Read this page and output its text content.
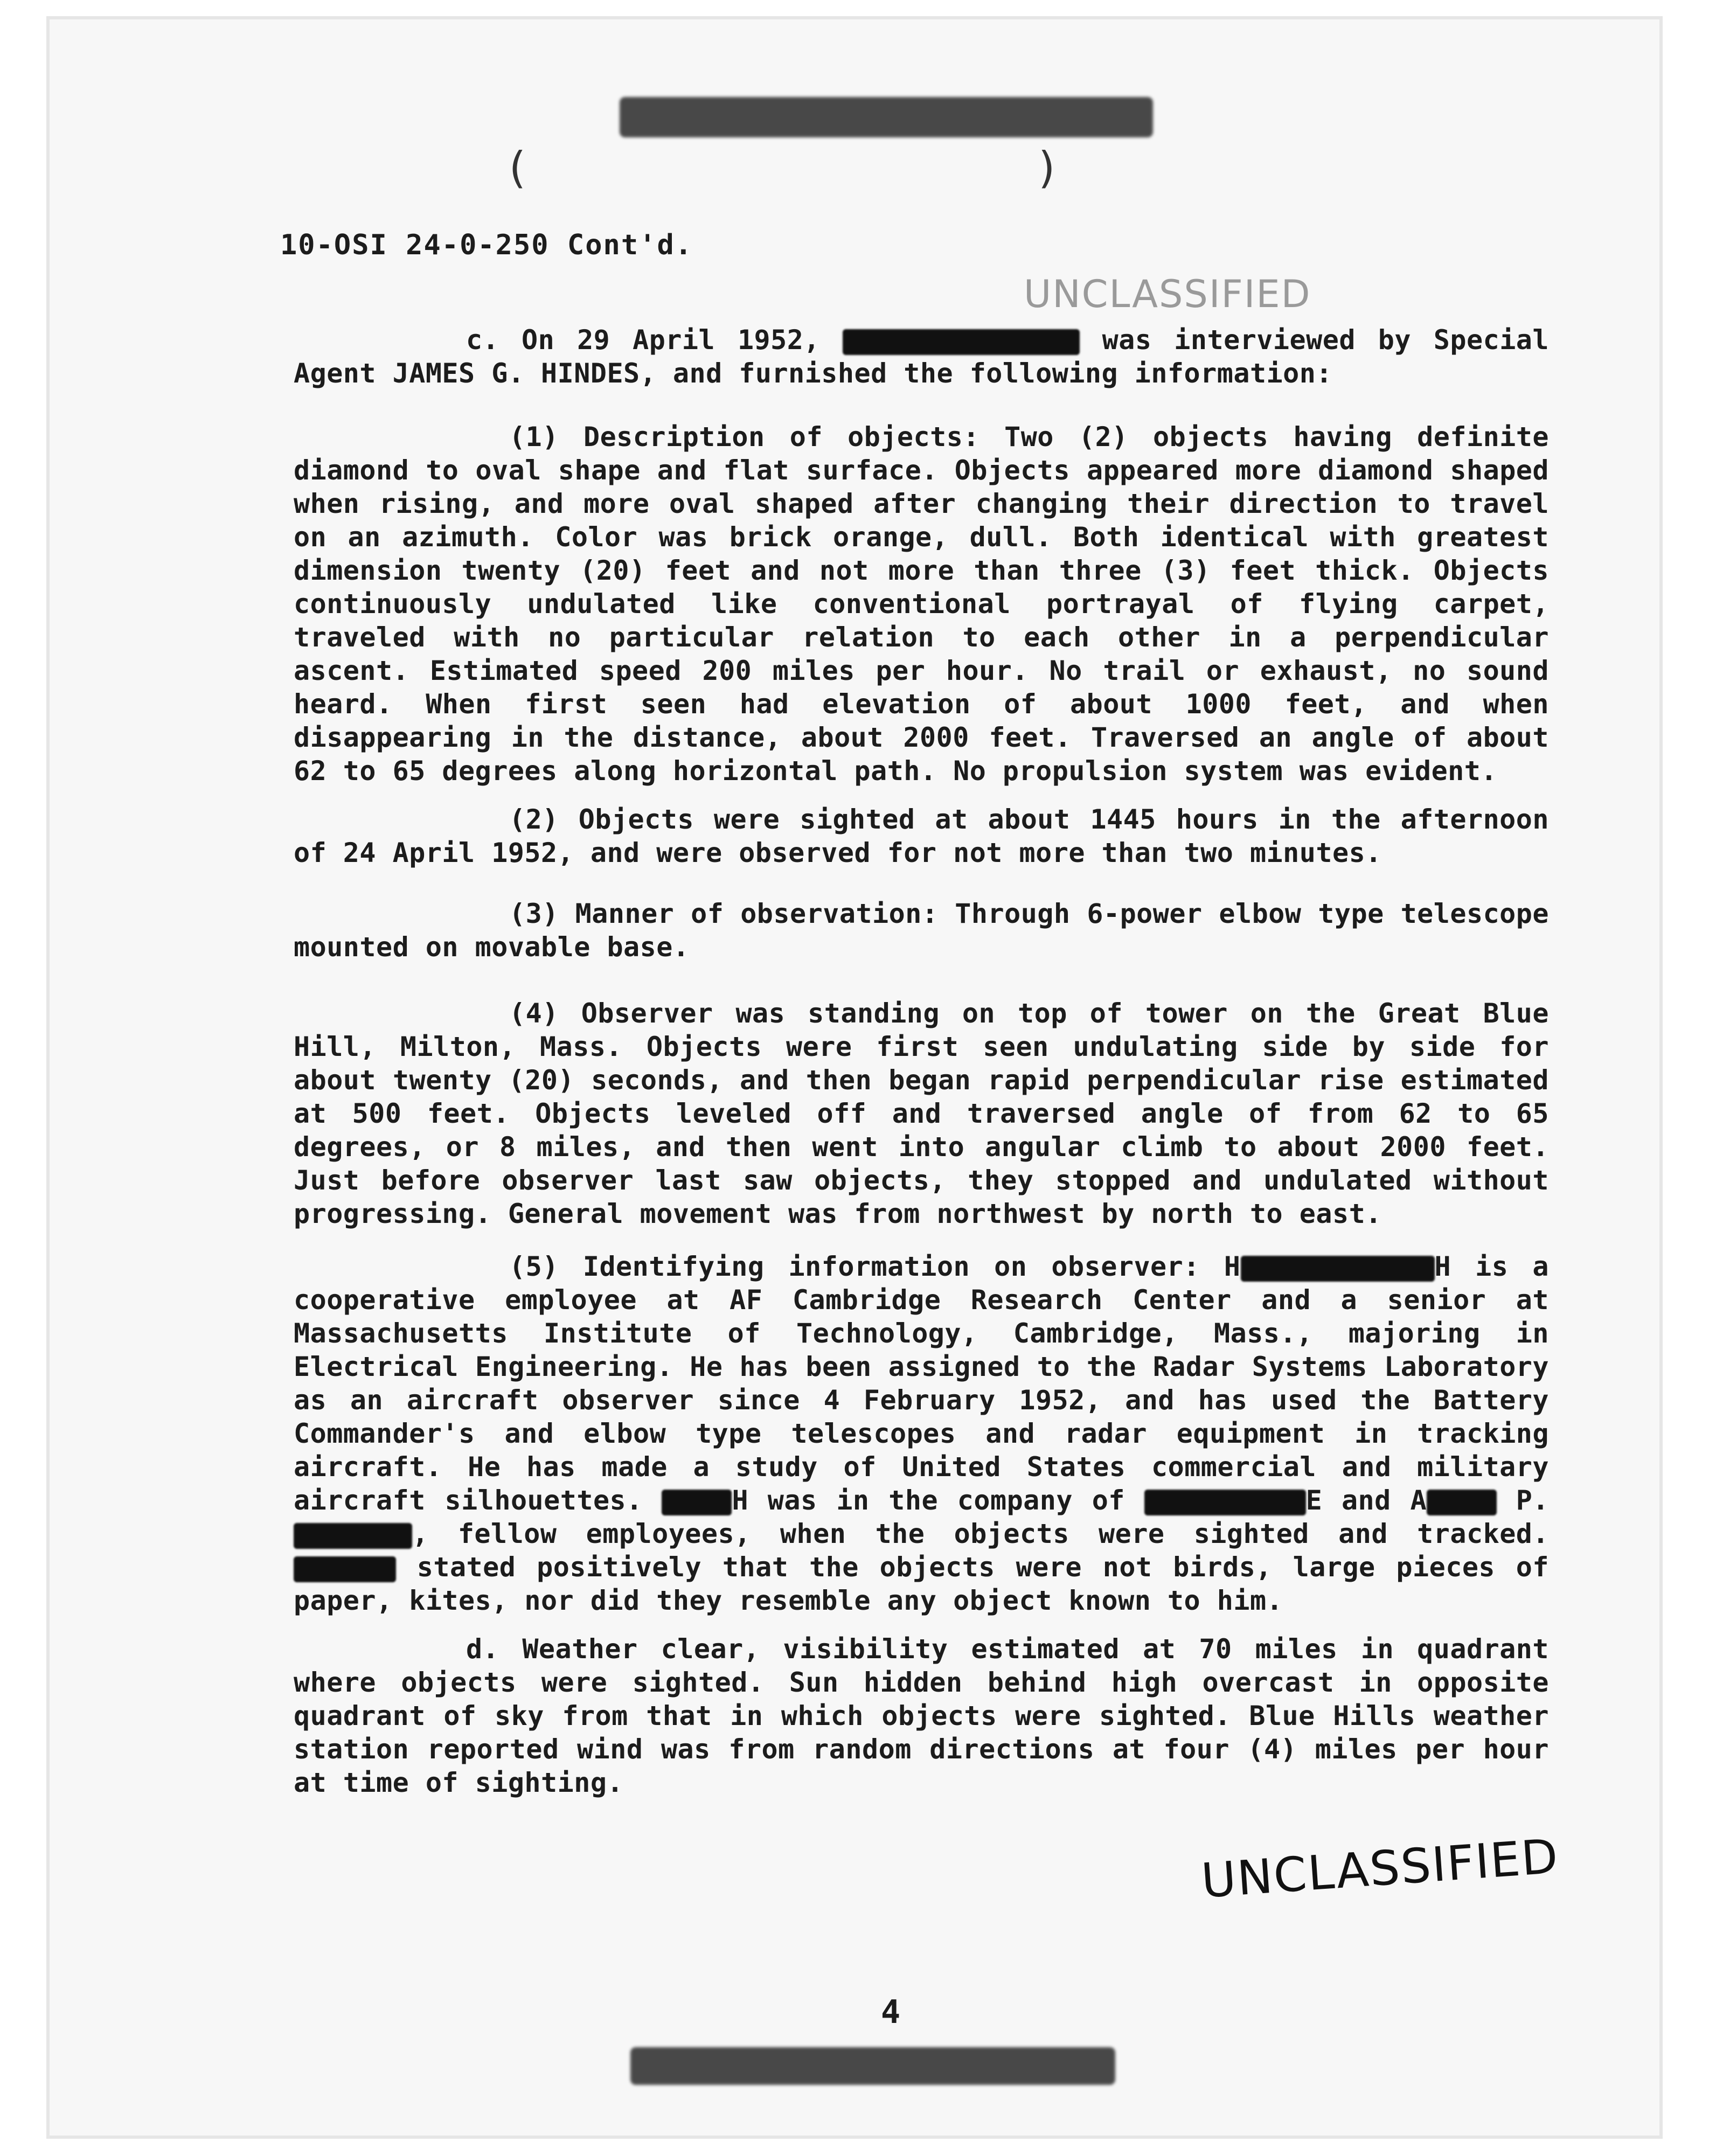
(	(
10-OSI 24-0-250 Cont'd.
UNCLASSIFIED
c. On 29 April 1952,	was interviewed by Special Agent JAMES G. HINDES, and furnished the following information:
(1) Description of objects: Two (2) objects having definite diamond to oval shape and flat surface. Objects appeared more diamond shaped when rising, and more oval shaped after changing their direction to travel on an azimuth. Color was brick orange, dull. Both identical with greatest dimension twenty (20) feet and not more than three (3) feet thick. Objects continuously undulated like conventional portrayal of flying carpet, traveled with no particular relation to each other in a perpendicular ascent. Estimated speed 200 miles per hour. No trail or exhaust, no sound heard. When first seen had elevation of about 1000 feet, and when disappearing in the distance, about 2000 feet. Traversed an angle of about 62 to 65 degrees along horizontal path. No propulsion system was evident.
(2) Objects were sighted at about 1445 hours in the afternoon of 24 April 1952, and were observed for not more than two minutes.
(3) Manner of observation: Through 6-power elbow type telescope mounted on movable base.
(4) Observer was standing on top of tower on the Great Blue Hill, Milton, Mass. Objects were first seen undulating side by side for about twenty (20) seconds, and then began rapid perpendicular rise estimated at 500 feet. Objects leveled off and traversed angle of from 62 to 65 degrees, or 8 miles, and then went into angular climb to about 2000 feet. Just before observer last saw objects, they stopped and undulated without progressing. General movement was from northwest by north to east.
(5) Identifying information on observer: H	H is a cooperative employee at AF Cambridge Research Center and a senior at Massachusetts Institute of Technology, Cambridge, Mass., majoring in Electrical Engineering. He has been assigned to the Radar Systems Laboratory as an aircraft observer since 4 February 1952, and has used the Battery Commander's and elbow type telescopes and radar equipment in tracking aircraft. He has made a study of United States commercial and military aircraft silhouettes.	H was in the company of	E and A	P. , fellow employees, when the objects were sighted and tracked.  stated positively that the objects were not birds, large pieces of paper, kites, nor did they resemble any object known to him.
d. Weather clear, visibility estimated at 70 miles in quadrant where objects were sighted. Sun hidden behind high overcast in opposite quadrant of sky from that in which objects were sighted. Blue Hills weather station reported wind was from random directions at four (4) miles per hour at time of sighting.
UNCLASSIFIED
4
